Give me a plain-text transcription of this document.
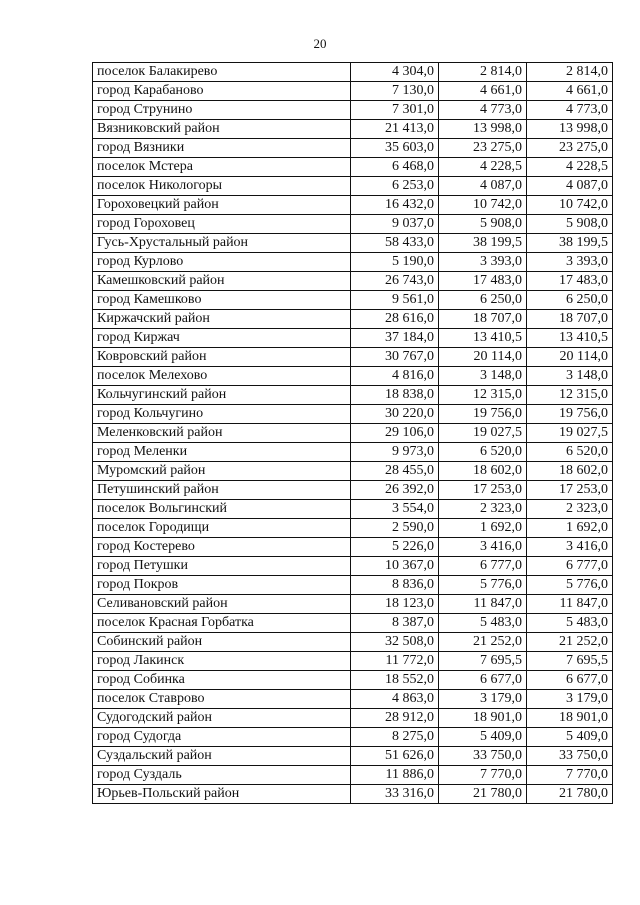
20
поселок Балакирево	4 304,0	2 814,0	2 814,0
город Карабаново	7 130,0	4 661,0	4 661,0
город Струнино	7 301,0	4 773,0	4 773,0
Вязниковский район	21 413,0	13 998,0	13 998,0
город Вязники	35 603,0	23 275,0	23 275,0
поселок Мстера	6 468,0	4 228,5	4 228,5
поселок Никологоры	6 253,0	4 087,0	4 087,0
Гороховецкий район	16 432,0	10 742,0	10 742,0
город Гороховец	9 037,0	5 908,0	5 908,0
Гусь-Хрустальный район	58 433,0	38 199,5	38 199,5
город Курлово	5 190,0	3 393,0	3 393,0
Камешковский район	26 743,0	17 483,0	17 483,0
город Камешково	9 561,0	6 250,0	6 250,0
Киржачский район	28 616,0	18 707,0	18 707,0
город Киржач	37 184,0	13 410,5	13 410,5
Ковровский район	30 767,0	20 114,0	20 114,0
поселок Мелехово	4 816,0	3 148,0	3 148,0
Кольчугинский район	18 838,0	12 315,0	12 315,0
город Кольчугино	30 220,0	19 756,0	19 756,0
Меленковский район	29 106,0	19 027,5	19 027,5
город Меленки	9 973,0	6 520,0	6 520,0
Муромский район	28 455,0	18 602,0	18 602,0
Петушинский район	26 392,0	17 253,0	17 253,0
поселок Вольгинский	3 554,0	2 323,0	2 323,0
поселок Городищи	2 590,0	1 692,0	1 692,0
город Костерево	5 226,0	3 416,0	3 416,0
город Петушки	10 367,0	6 777,0	6 777,0
город Покров	8 836,0	5 776,0	5 776,0
Селивановский район	18 123,0	11 847,0	11 847,0
поселок Красная Горбатка	8 387,0	5 483,0	5 483,0
Собинский район	32 508,0	21 252,0	21 252,0
город Лакинск	11 772,0	7 695,5	7 695,5
город Собинка	18 552,0	6 677,0	6 677,0
поселок Ставрово	4 863,0	3 179,0	3 179,0
Судогодский район	28 912,0	18 901,0	18 901,0
город Судогда	8 275,0	5 409,0	5 409,0
Суздальский район	51 626,0	33 750,0	33 750,0
город Суздаль	11 886,0	7 770,0	7 770,0
Юрьев-Польский район	33 316,0	21 780,0	21 780,0
